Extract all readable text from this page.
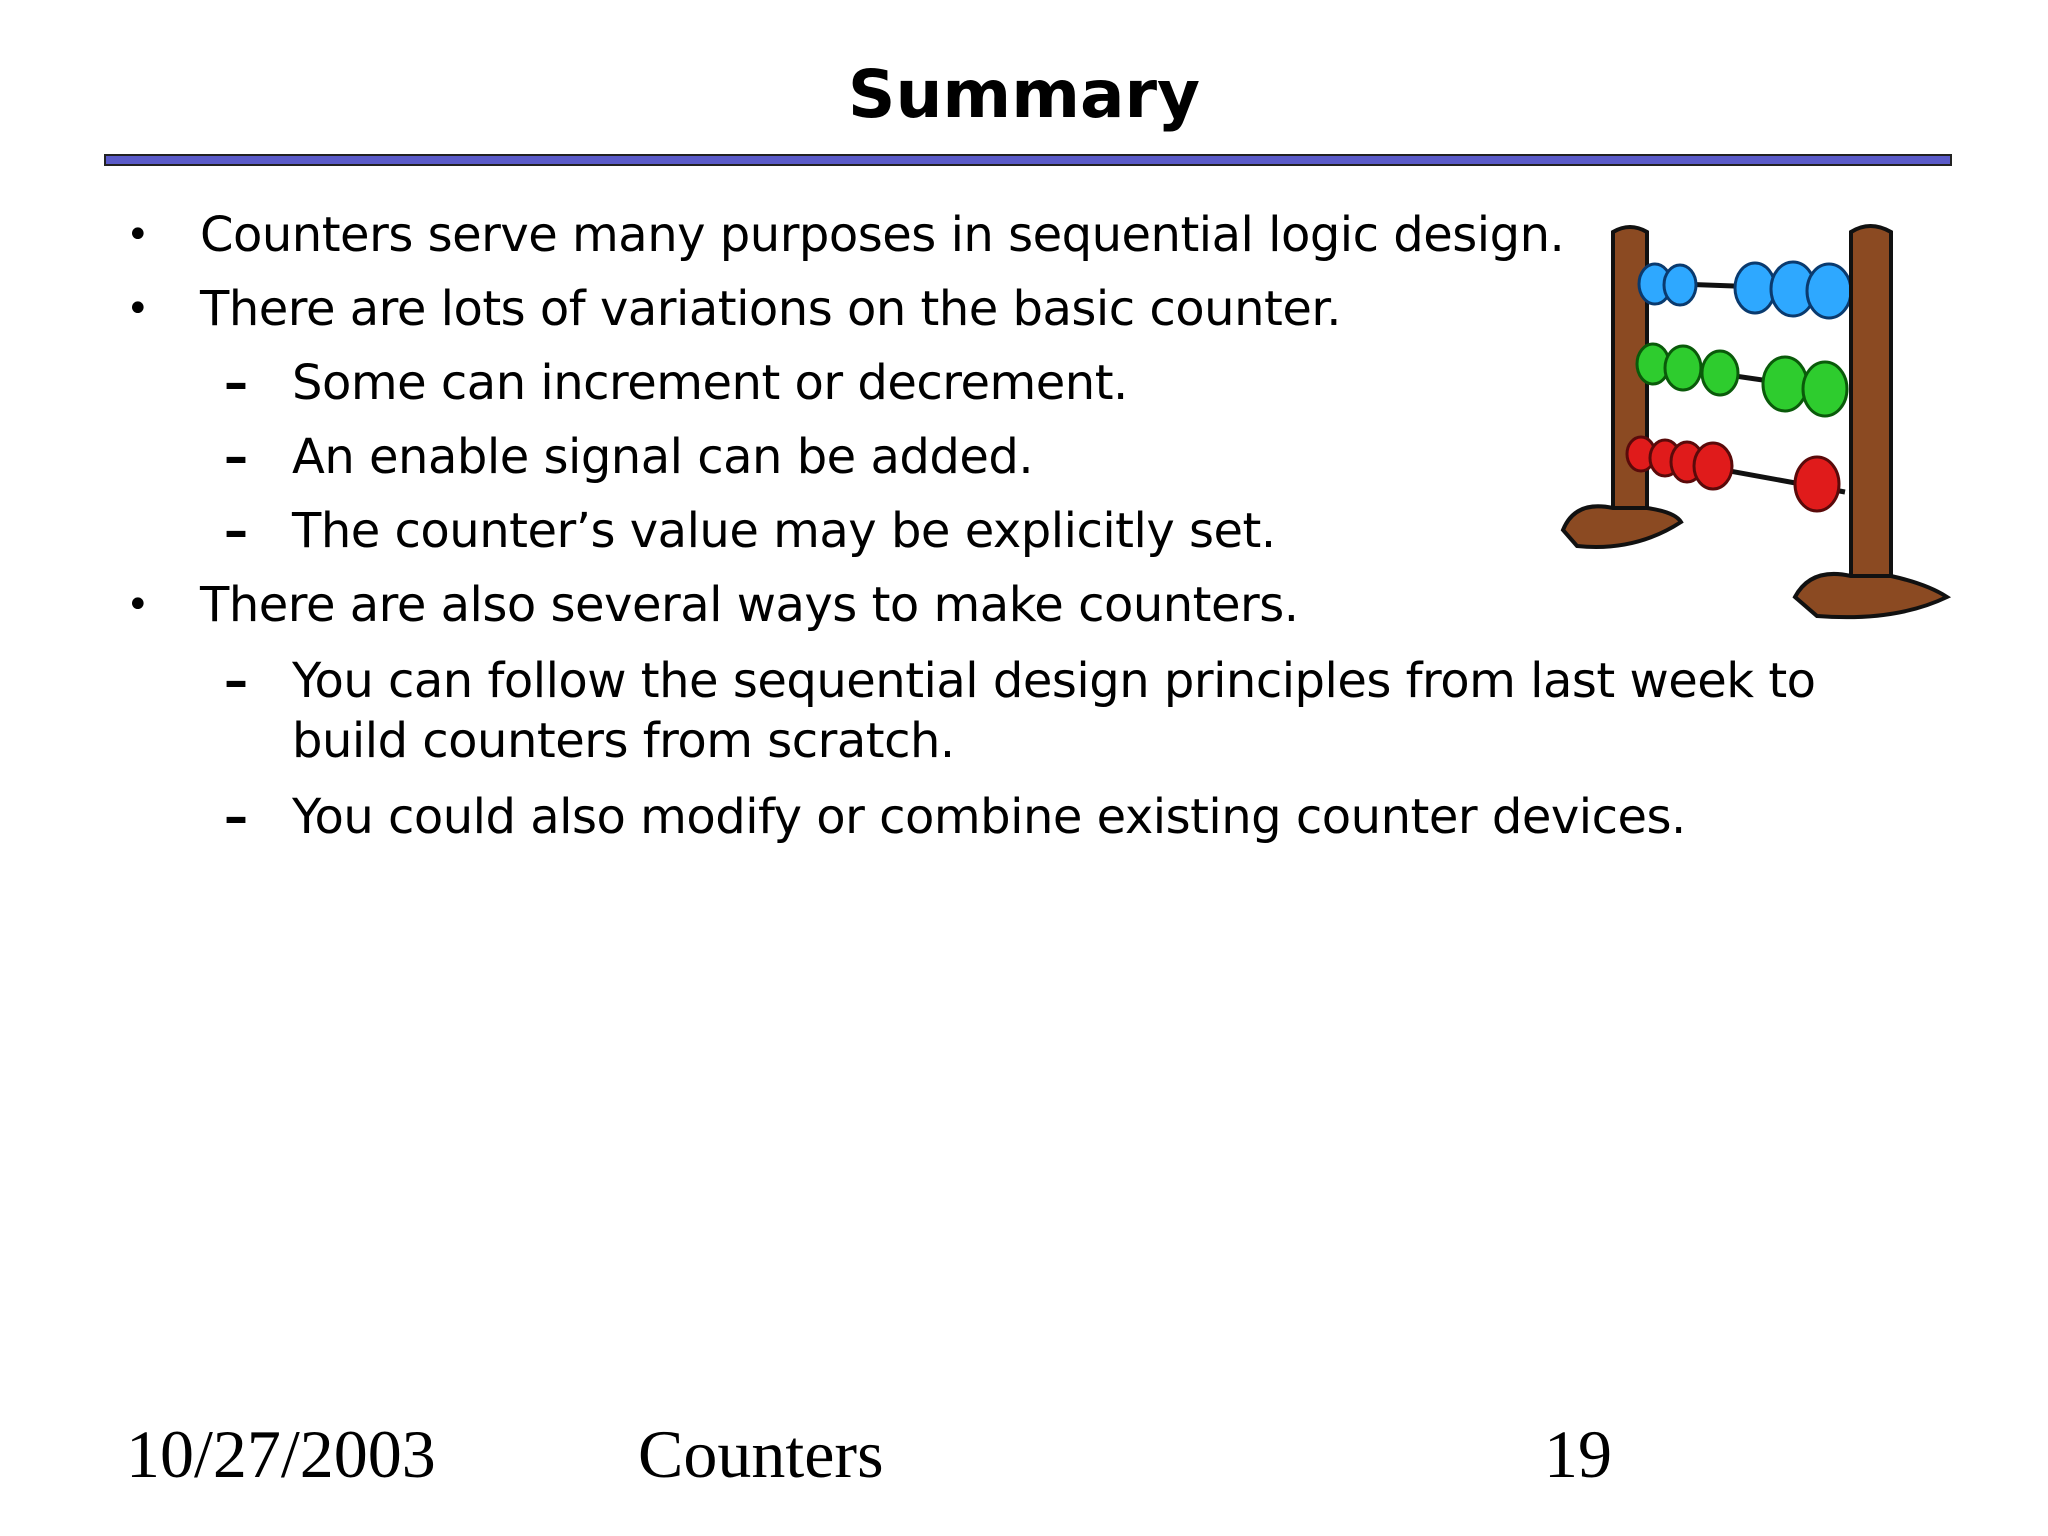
Summary
• Counters serve many purposes in sequential logic design.
• There are lots of variations on the basic counter.
– Some can increment or decrement.
– An enable signal can be added.
– The counter’s value may be explicitly set.
• There are also several ways to make counters.
– You can follow the sequential design principles from last week to
build counters from scratch.
– You could also modify or combine existing counter devices.
10/27/2003	Counters	19
